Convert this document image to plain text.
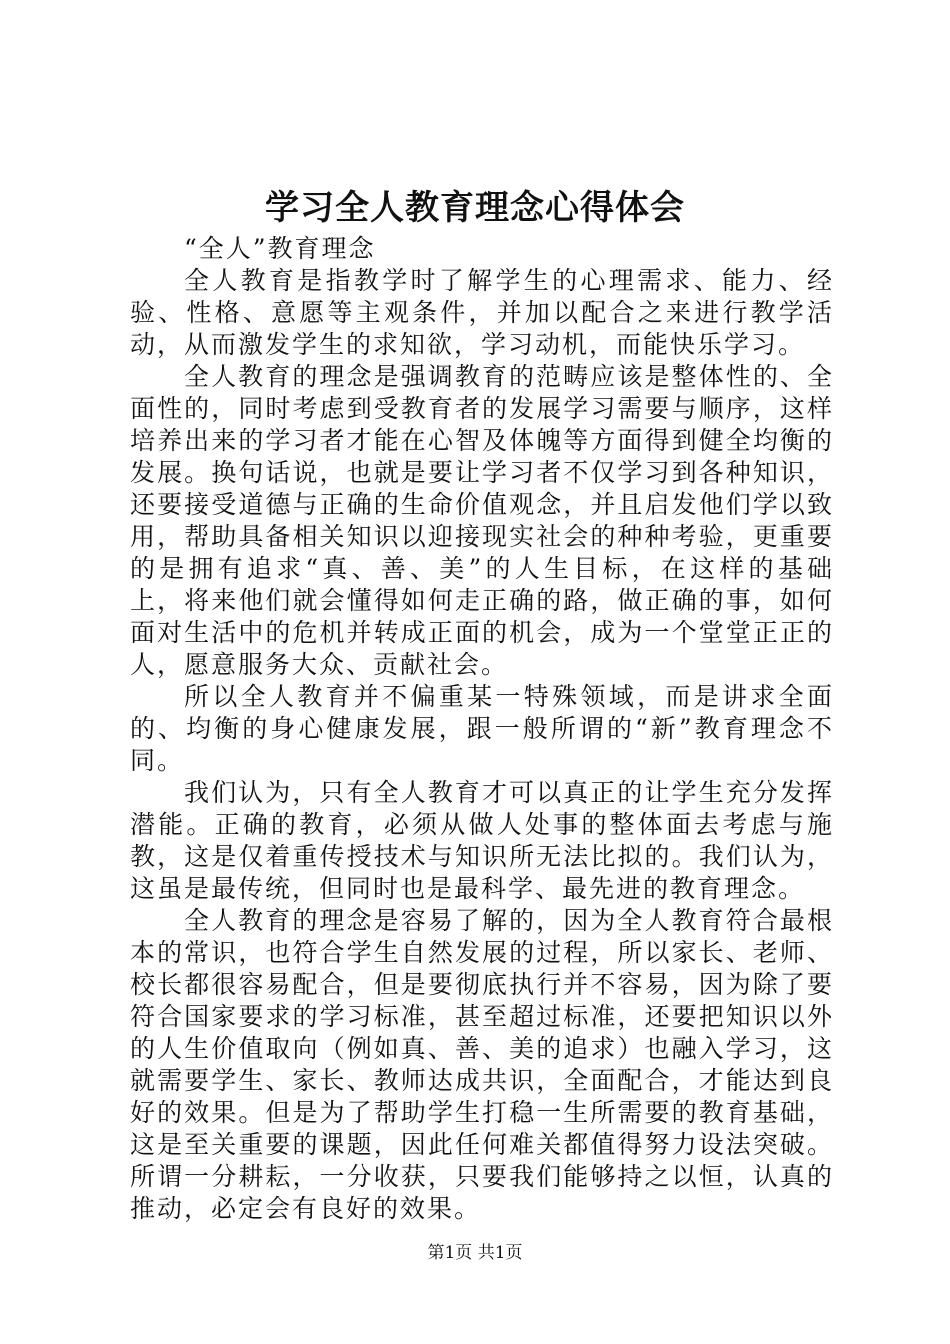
学习全人教育理念心得体会

“全人”教育理念

全人教育是指教学时了解学生的心理需求、能力、经验、性格、意愿等主观条件，并加以配合之来进行教学活动，从而激发学生的求知欲，学习动机，而能快乐学习。

全人教育的理念是强调教育的范畴应该是整体性的、全面性的，同时考虑到受教育者的发展学习需要与顺序，这样培养出来的学习者才能在心智及体魄等方面得到健全均衡的发展。换句话说，也就是要让学习者不仅学习到各种知识，还要接受道德与正确的生命价值观念，并且启发他们学以致用，帮助具备相关知识以迎接现实社会的种种考验，更重要的是拥有追求“真、善、美”的人生目标，在这样的基础上，将来他们就会懂得如何走正确的路，做正确的事，如何面对生活中的危机并转成正面的机会，成为一个堂堂正正的人，愿意服务大众、贡献社会。

所以全人教育并不偏重某一特殊领域，而是讲求全面的、均衡的身心健康发展，跟一般所谓的“新”教育理念不同。

我们认为，只有全人教育才可以真正的让学生充分发挥潜能。正确的教育，必须从做人处事的整体面去考虑与施教，这是仅着重传授技术与知识所无法比拟的。我们认为，这虽是最传统，但同时也是最科学、最先进的教育理念。

全人教育的理念是容易了解的，因为全人教育符合最根本的常识，也符合学生自然发展的过程，所以家长、老师、校长都很容易配合，但是要彻底执行并不容易，因为除了要符合国家要求的学习标准，甚至超过标准，还要把知识以外的人生价值取向（例如真、善、美的追求）也融入学习，这就需要学生、家长、教师达成共识，全面配合，才能达到良好的效果。但是为了帮助学生打稳一生所需要的教育基础，这是至关重要的课题，因此任何难关都值得努力设法突破。所谓一分耕耘，一分收获，只要我们能够持之以恒，认真的推动，必定会有良好的效果。

第1页 共1页
